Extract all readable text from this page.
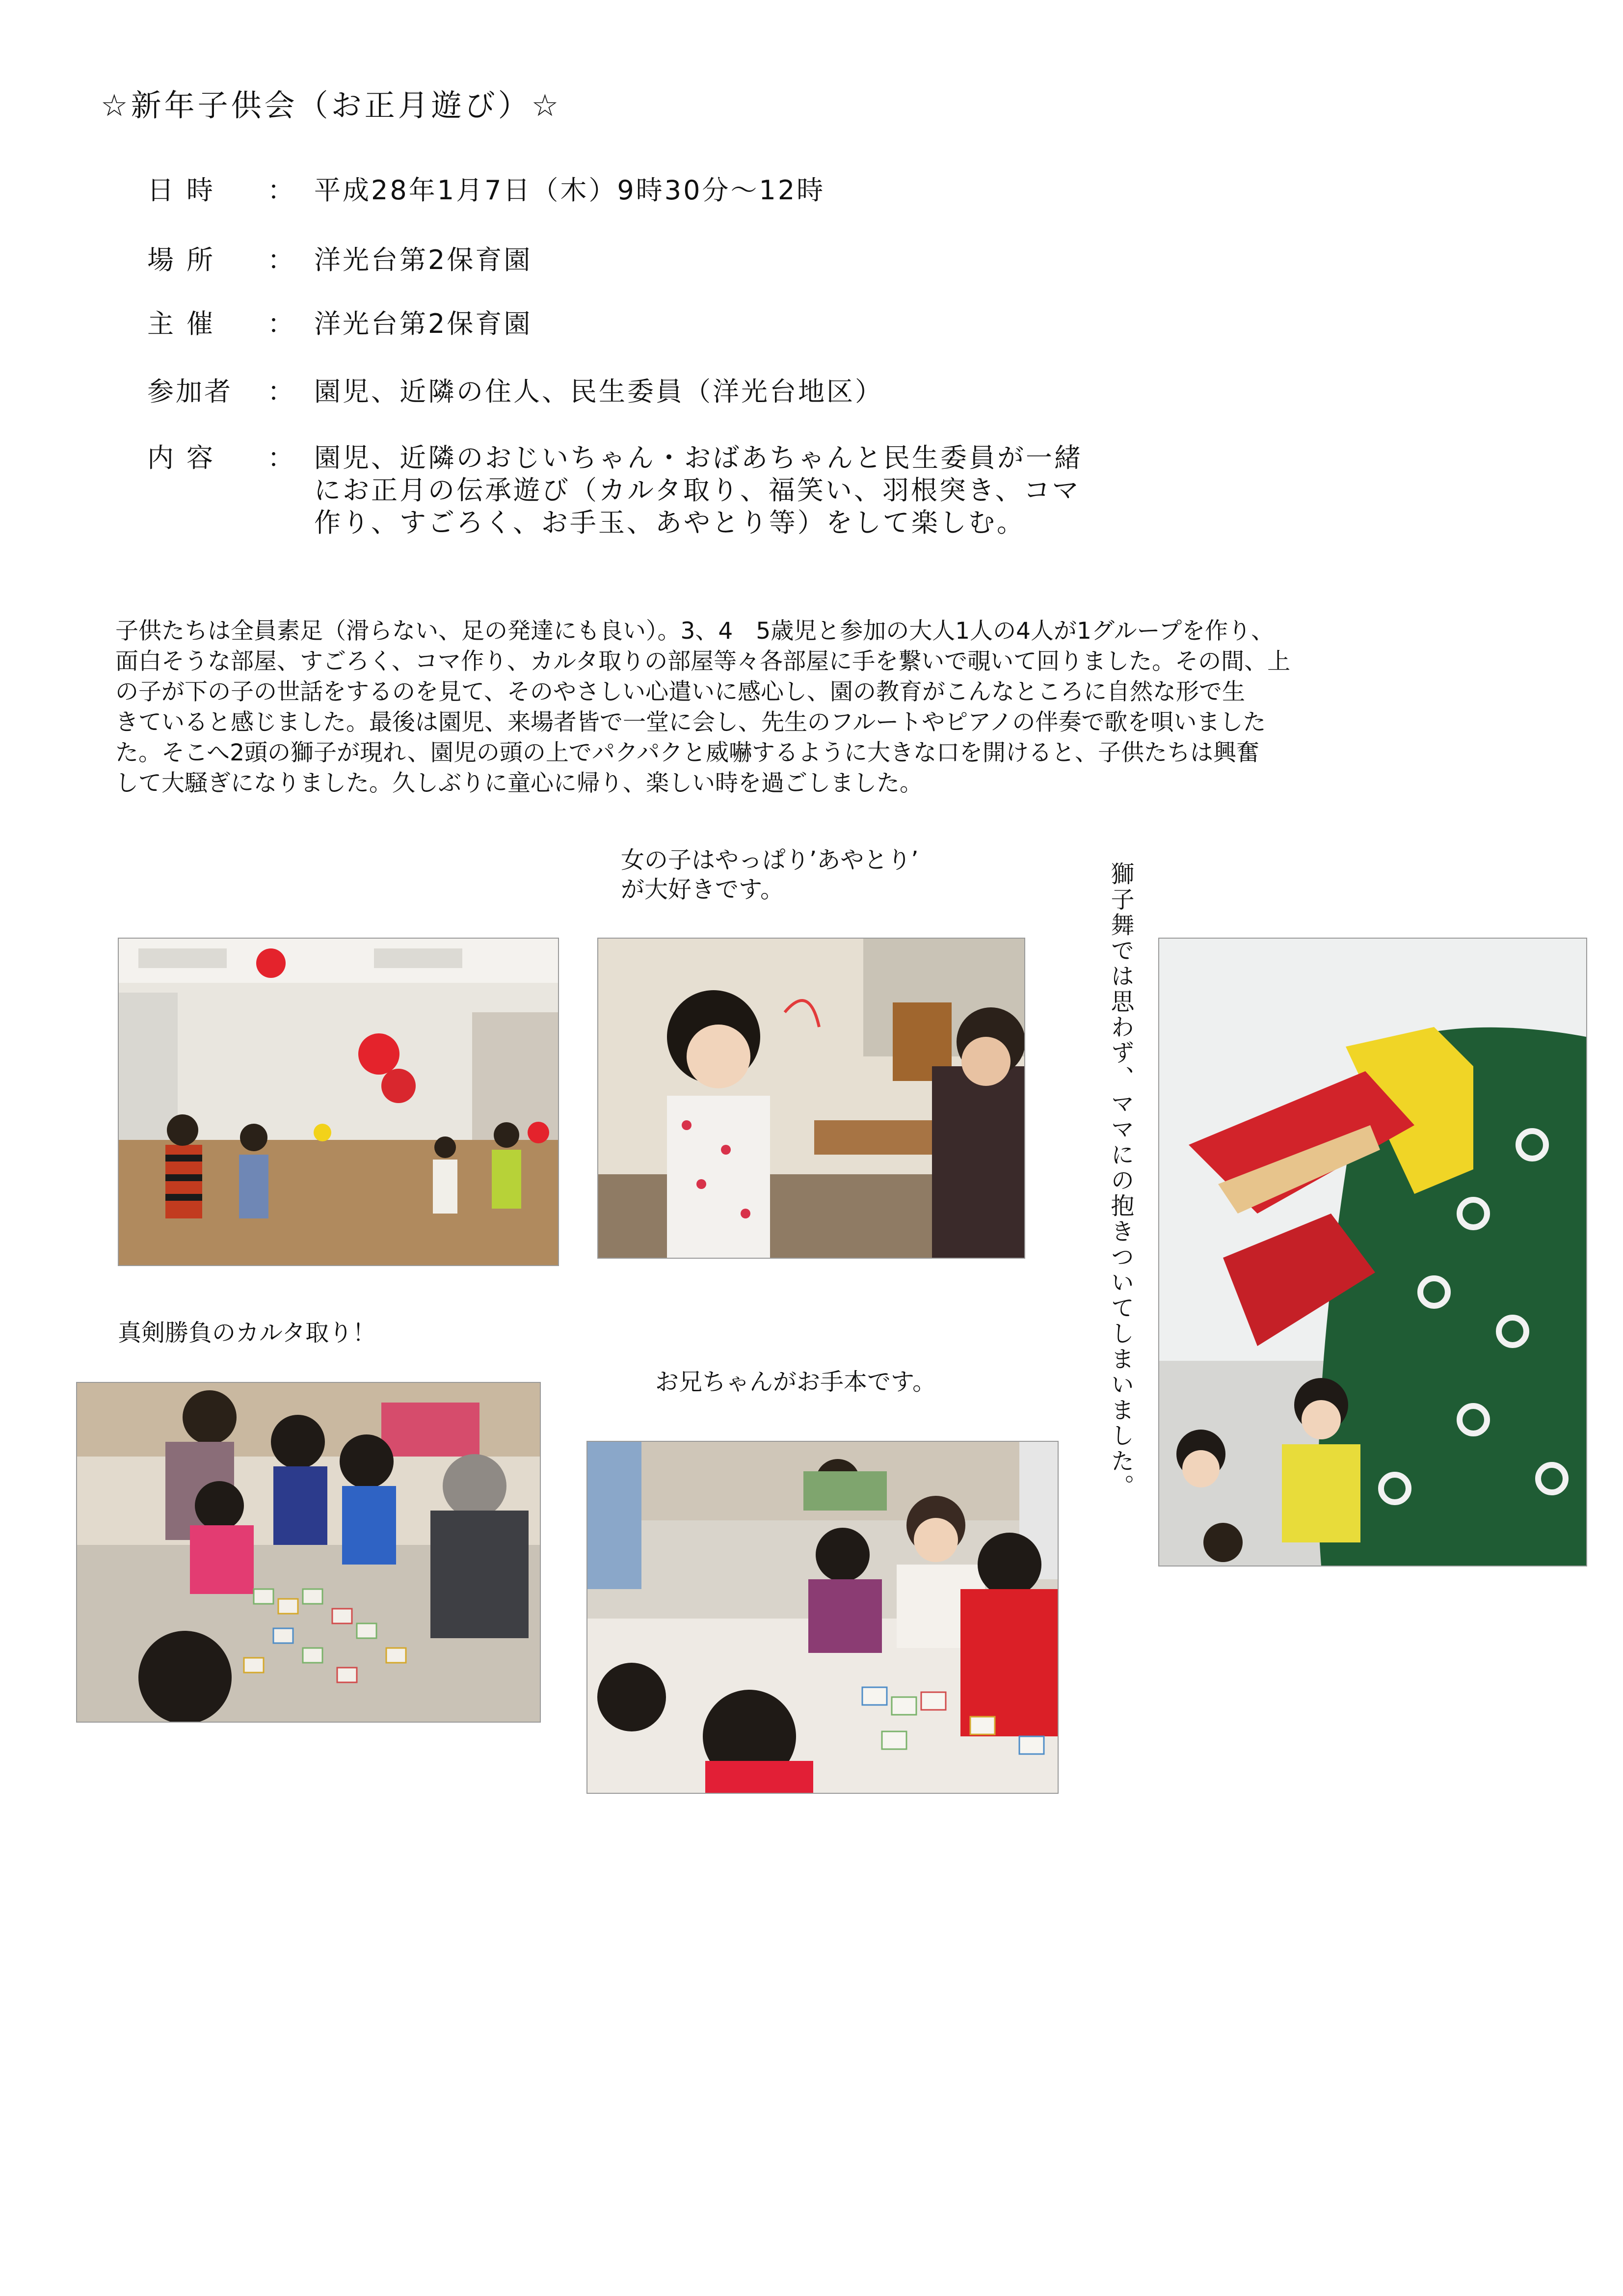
☆新年子供会（お正月遊び）☆
日時	： 平成28年1月7日（木）9時30分～12時
場所	： 洋光台第2保育園
主催	： 洋光台第2保育園
参加者	： 園児、近隣の住人、民生委員（洋光台地区）
内容	： 園児、近隣のおじいちゃん・おばあちゃんと民生委員が一緒
にお正月の伝承遊び（カルタ取り、福笑い、羽根突き、コマ
作り、すごろく、お手玉、あやとり等）をして楽しむ。
子供たちは全員素足（滑らない、足の発達にも良い）。3、4　5歳児と参加の大人1人の4人が1グループを作り、
面白そうな部屋、すごろく、コマ作り、カルタ取りの部屋等々各部屋に手を繋いで覗いて回りました。その間、上
の子が下の子の世話をするのを見て、そのやさしい心遣いに感心し、園の教育がこんなところに自然な形で生
きていると感じました。最後は園児、来場者皆で一堂に会し、先生のフルートやピアノの伴奏で歌を唄いました
た。そこへ2頭の獅子が現れ、園児の頭の上でパクパクと威嚇するように大きな口を開けると、子供たちは興奮
して大騒ぎになりました。久しぶりに童心に帰り、楽しい時を過ごしました。
女の子はやっぱり’あやとり’
が大好きです。	獅子舞では思わず、ママにの抱きついてしまいました。
真剣勝負のカルタ取り！
お兄ちゃんがお手本です。
